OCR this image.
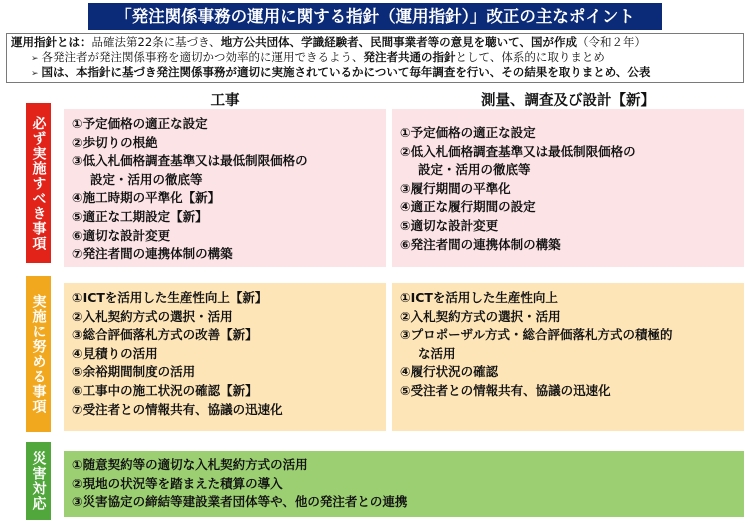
「発注関係事務の運用に関する指針（運用指針）」改正の主なポイント
運用指針とは：品確法第22条に基づき、地方公共団体、学識経験者、民間事業者等の意見を聴いて、国が作成（令和２年）
➢ 各発注者が発注関係事務を適切かつ効率的に運用できるよう、発注者共通の指針として、体系的に取りまとめ
➢ 国は、本指針に基づき発注関係事務が適切に実施されているかについて毎年調査を行い、その結果を取りまとめ、公表
工事	測量、調査及び設計【新】
必ず実施すべき事項 ①予定価格の適正な設定
②歩切りの根絶
③低入札価格調査基準又は最低制限価格の
設定・活用の徹底等
④施工時期の平準化【新】
⑤適正な工期設定【新】
⑥適切な設計変更
⑦発注者間の連携体制の構築
①予定価格の適正な設定
②低入札価格調査基準又は最低制限価格の
設定・活用の徹底等
③履行期間の平準化
④適正な履行期間の設定
⑤適切な設計変更
⑥発注者間の連携体制の構築
実施に努める事項 ①ICTを活用した生産性向上【新】
②入札契約方式の選択・活用
③総合評価落札方式の改善【新】
④見積りの活用
⑤余裕期間制度の活用
⑥工事中の施工状況の確認【新】
⑦受注者との情報共有、協議の迅速化
①ICTを活用した生産性向上
②入札契約方式の選択・活用
③プロポーザル方式・総合評価落札方式の積極的
な活用
④履行状況の確認
⑤受注者との情報共有、協議の迅速化
災害対応 ①随意契約等の適切な入札契約方式の活用
②現地の状況等を踏まえた積算の導入
③災害協定の締結等建設業者団体等や、他の発注者との連携
